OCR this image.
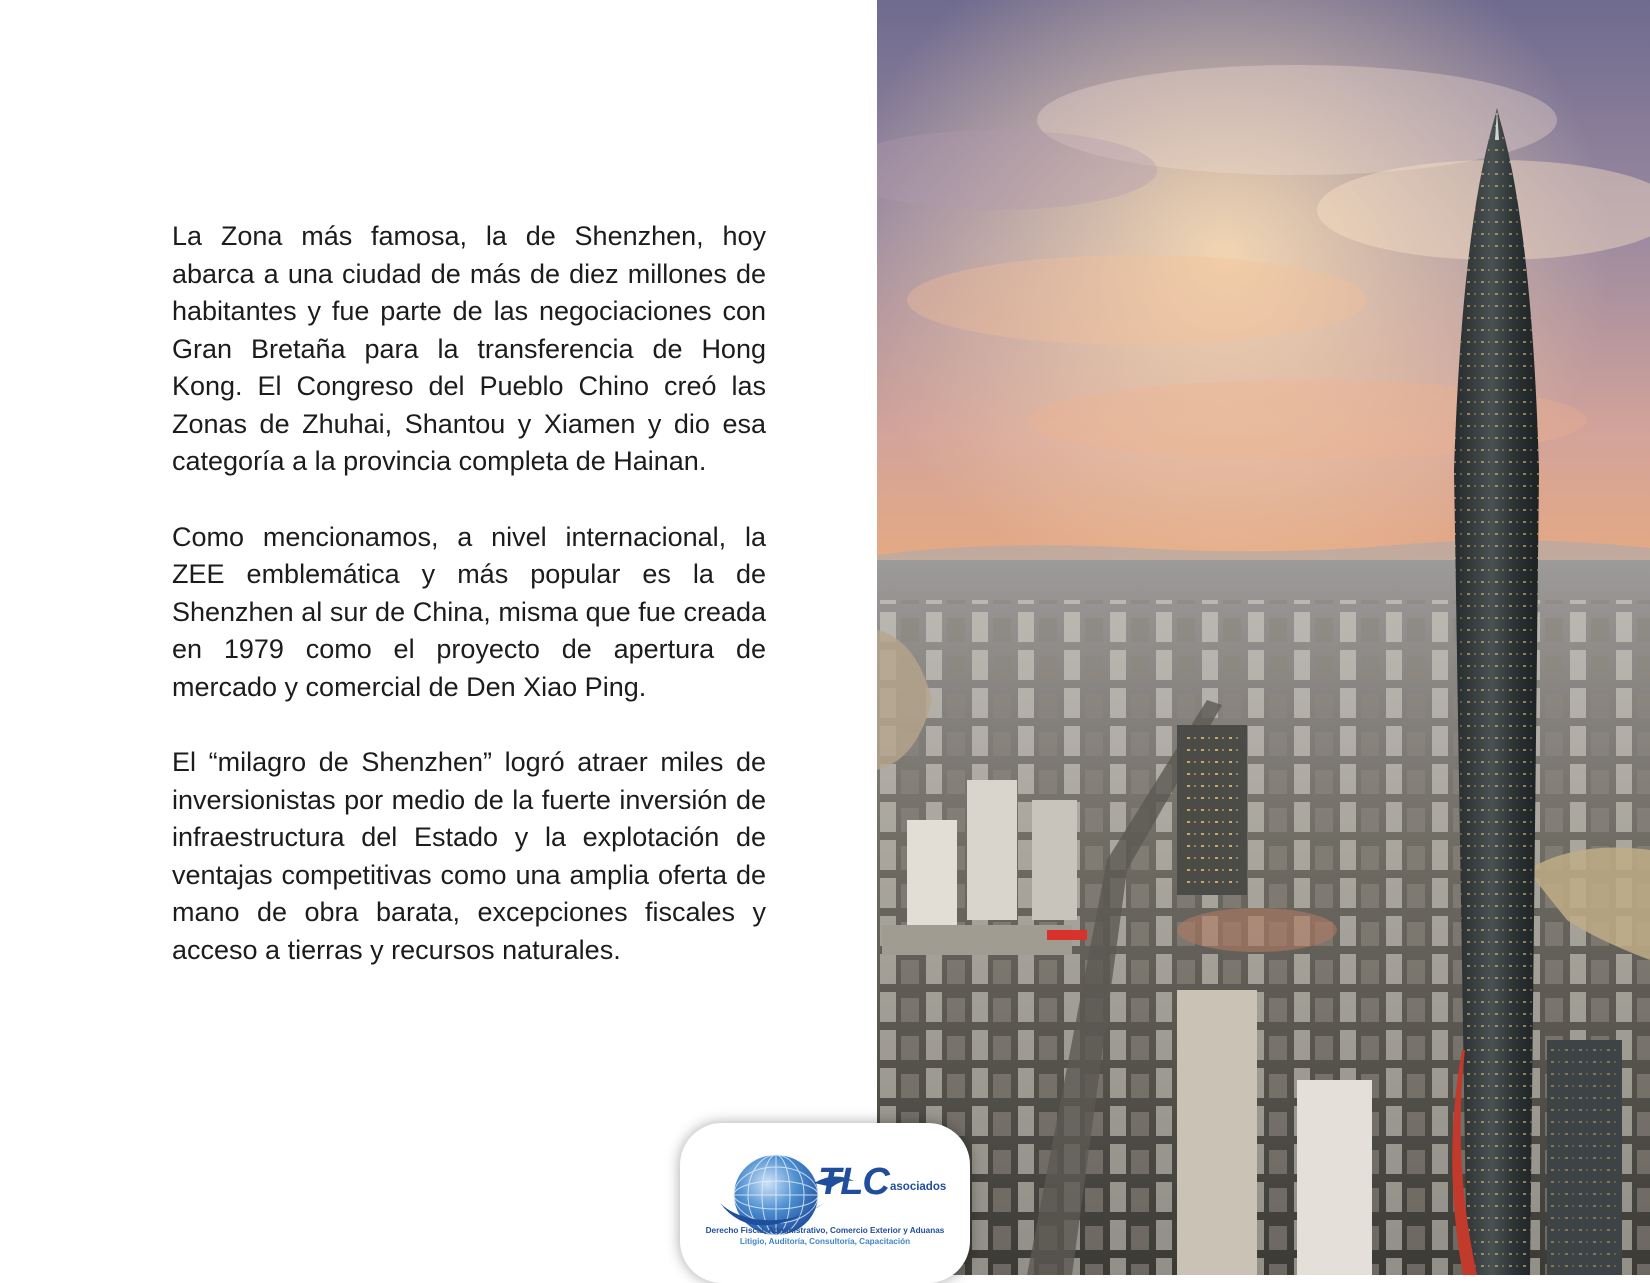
La Zona más famosa, la de Shenzhen, hoy abarca a una ciudad de más de diez millones de habitantes y fue parte de las negociaciones con Gran Bretaña para la transferencia de Hong Kong. El Congreso del Pueblo Chino creó las Zonas de Zhuhai, Shantou y Xiamen y dio esa categoría a la provincia completa de Hainan.

Como mencionamos, a nivel internacional, la ZEE emblemática y más popular es la de Shenzhen al sur de China, misma que fue creada en 1979 como el proyecto de apertura de mercado y comercial de Den Xiao Ping.

El “milagro de Shenzhen” logró atraer miles de inversionistas por medio de la fuerte inversión de infraestructura del Estado y la explotación de ventajas competitivas como una amplia oferta de mano de obra barata, excepciones fiscales y acceso a tierras y recursos naturales.

TLC asociados
Derecho Fiscal, Administrativo, Comercio Exterior y Aduanas
Litigio, Auditoría, Consultoría, Capacitación
